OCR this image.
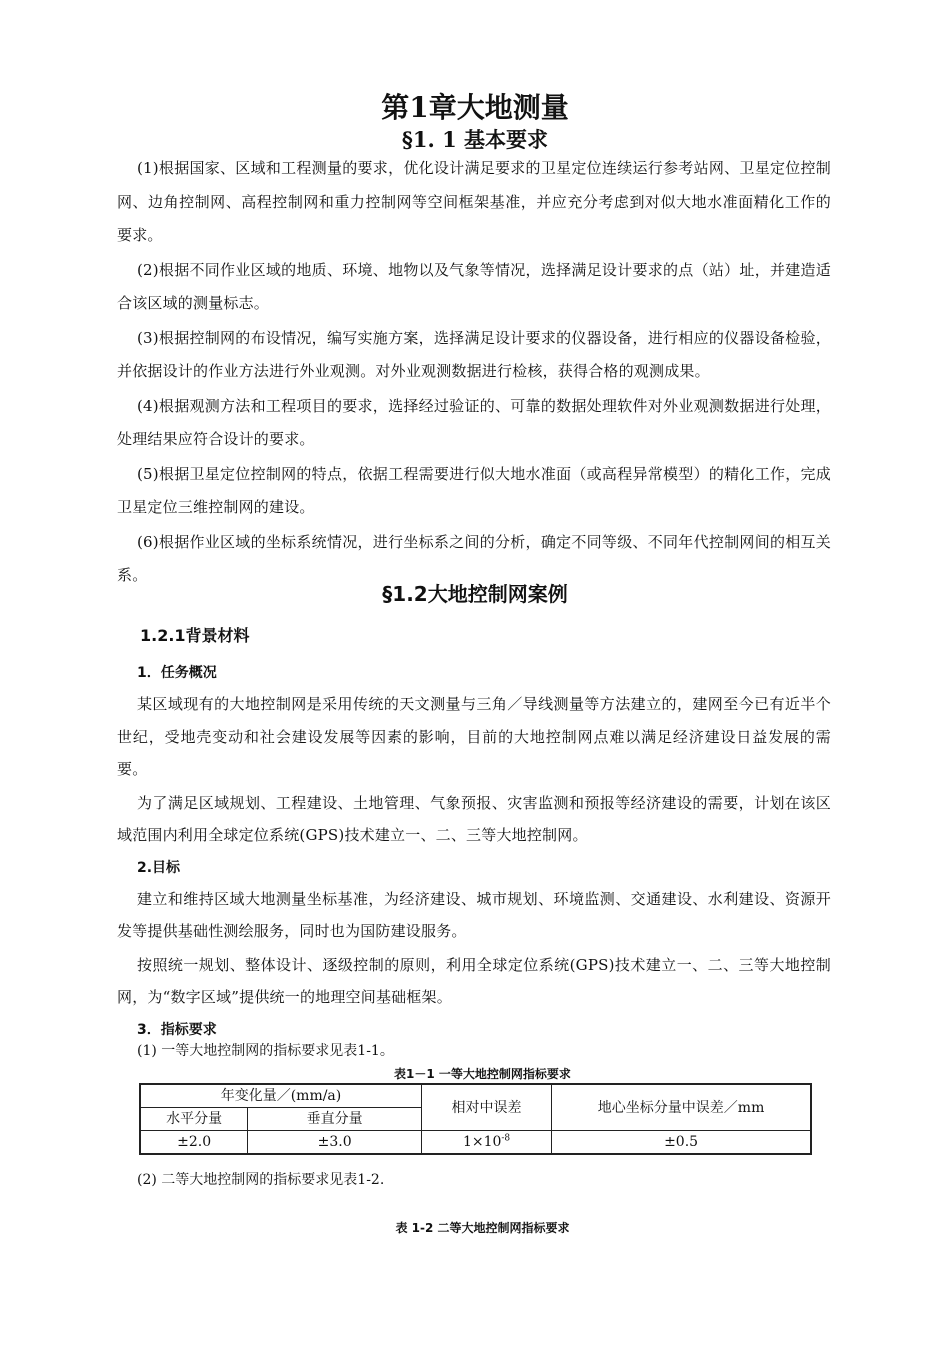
第1章大地测量
§1. 1 基本要求

(1)根据国家、区域和工程测量的要求，优化设计满足要求的卫星定位连续运行参考站网、卫星定位控制网、边角控制网、高程控制网和重力控制网等空间框架基准，并应充分考虑到对似大地水准面精化工作的要求。

(2)根据不同作业区域的地质、环境、地物以及气象等情况，选择满足设计要求的点（站）址，并建造适合该区域的测量标志。

(3)根据控制网的布设情况，编写实施方案，选择满足设计要求的仪器设备，进行相应的仪器设备检验，并依据设计的作业方法进行外业观测。对外业观测数据进行检核，获得合格的观测成果。

(4)根据观测方法和工程项目的要求，选择经过验证的、可靠的数据处理软件对外业观测数据进行处理，处理结果应符合设计的要求。

(5)根据卫星定位控制网的特点，依据工程需要进行似大地水准面（或高程异常模型）的精化工作，完成卫星定位三维控制网的建设。

(6)根据作业区域的坐标系统情况，进行坐标系之间的分析，确定不同等级、不同年代控制网间的相互关系。

§1.2大地控制网案例
1.2.1背景材料
1．任务概况

某区域现有的大地控制网是采用传统的天文测量与三角／导线测量等方法建立的，建网至今已有近半个世纪，受地壳变动和社会建设发展等因素的影响，目前的大地控制网点难以满足经济建设日益发展的需要。

为了满足区域规划、工程建设、土地管理、气象预报、灾害监测和预报等经济建设的需要，计划在该区域范围内利用全球定位系统(GPS)技术建立一、二、三等大地控制网。

2.目标

建立和维持区域大地测量坐标基准，为经济建设、城市规划、环境监测、交通建设、水利建设、资源开发等提供基础性测绘服务，同时也为国防建设服务。

按照统一规划、整体设计、逐级控制的原则，利用全球定位系统(GPS)技术建立一、二、三等大地控制网，为“数字区域”提供统一的地理空间基础框架。

3．指标要求

(1) 一等大地控制网的指标要求见表1-1。

表1－1 一等大地控制网指标要求

年变化量／(mm/a)		相对中误差	地心坐标分量中误差／mm
水平分量	垂直分量		
±2.0	±3.0	$1\times 10^{-8}$	±0.5

(2) 二等大地控制网的指标要求见表1-2.

表 1-2 二等大地控制网指标要求
